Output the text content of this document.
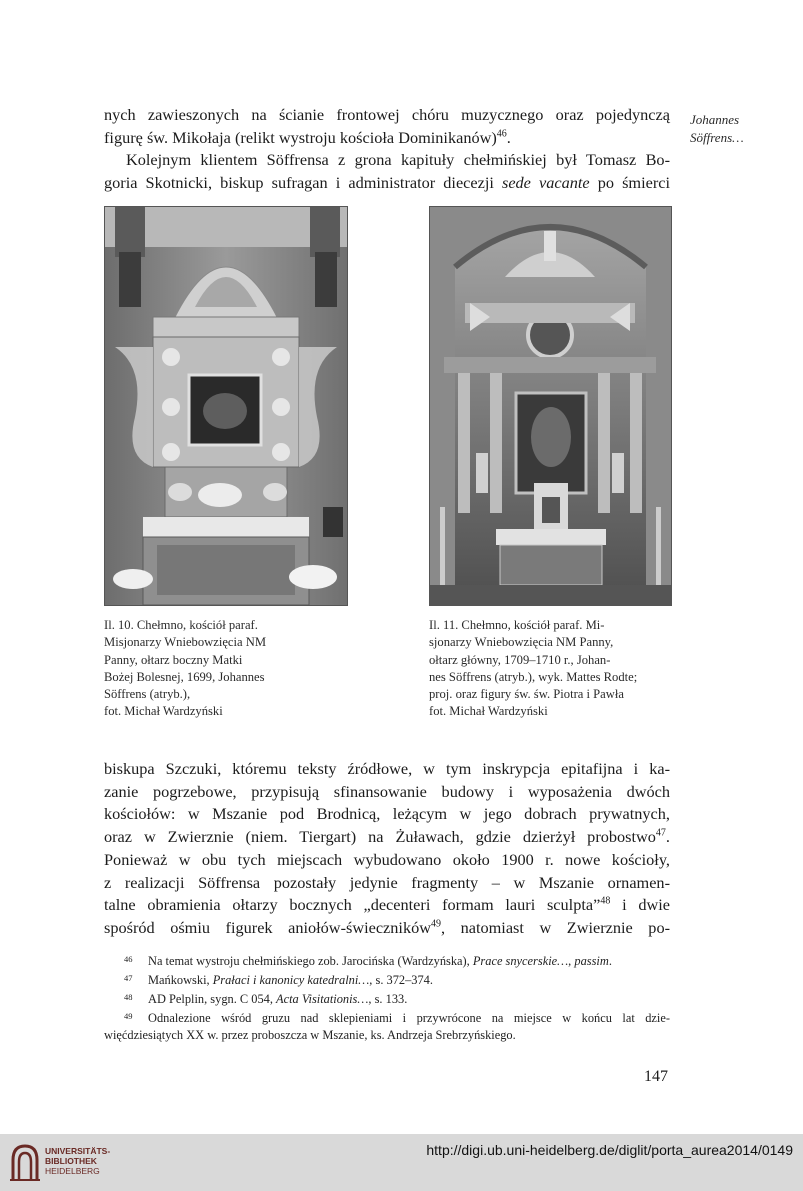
Johannes
Söffrens…
nych zawieszonych na ścianie frontowej chóru muzycznego oraz pojedynczą
figurę św. Mikołaja (relikt wystroju kościoła Dominikanów)$^{46}$.
Kolejnym klientem Söffrensa z grona kapituły chełmińskiej był Tomasz Bo-
goria Skotnicki, biskup sufragan i administrator diecezji sede vacante po śmierci
Il. 10. Chełmno, kościół paraf.
Misjonarzy Wniebowzięcia NM
Panny, ołtarz boczny Matki
Bożej Bolesnej, 1699, Johannes
Söffrens (atryb.),
fot. Michał Wardzyński
Il. 11. Chełmno, kościół paraf. Mi-
sjonarzy Wniebowzięcia NM Panny,
ołtarz główny, 1709–1710 r., Johan-
nes Söffrens (atryb.), wyk. Mattes Rodte;
proj. oraz figury św. św. Piotra i Pawła
fot. Michał Wardzyński
biskupa Szczuki, któremu teksty źródłowe, w tym inskrypcja epitafijna i ka-
zanie pogrzebowe, przypisują sfinansowanie budowy i wyposażenia dwóch
kościołów: w Mszanie pod Brodnicą, leżącym w jego dobrach prywatnych,
oraz w Zwierznie (niem. Tiergart) na Żuławach, gdzie dzierżył probostwo$^{47}$.
Ponieważ w obu tych miejscach wybudowano około 1900 r. nowe kościoły,
z realizacji Söffrensa pozostały jedynie fragmenty – w Mszanie ornamen-
talne obramienia ołtarzy bocznych „decenteri formam lauri sculpta”$^{48}$ i dwie
spośród ośmiu figurek aniołów-świeczników$^{49}$, natomiast w Zwierznie po-
46 Na temat wystroju chełmińskiego zob. Jarocińska (Wardzyńska), Prace snycerskie…, passim.
47 Mańkowski, Prałaci i kanonicy katedralni…, s. 372–374.
48 AD Pelplin, sygn. C 054, Acta Visitationis…, s. 133.
49 Odnalezione wśród gruzu nad sklepieniami i przywrócone na miejsce w końcu lat dzie-
więćdziesiątych XX w. przez proboszcza w Mszanie, ks. Andrzeja Srebrzyńskiego.
147
UNIVERSITÄTS-
BIBLIOTHEK
HEIDELBERG
http://digi.ub.uni-heidelberg.de/diglit/porta_aurea2014/0149
